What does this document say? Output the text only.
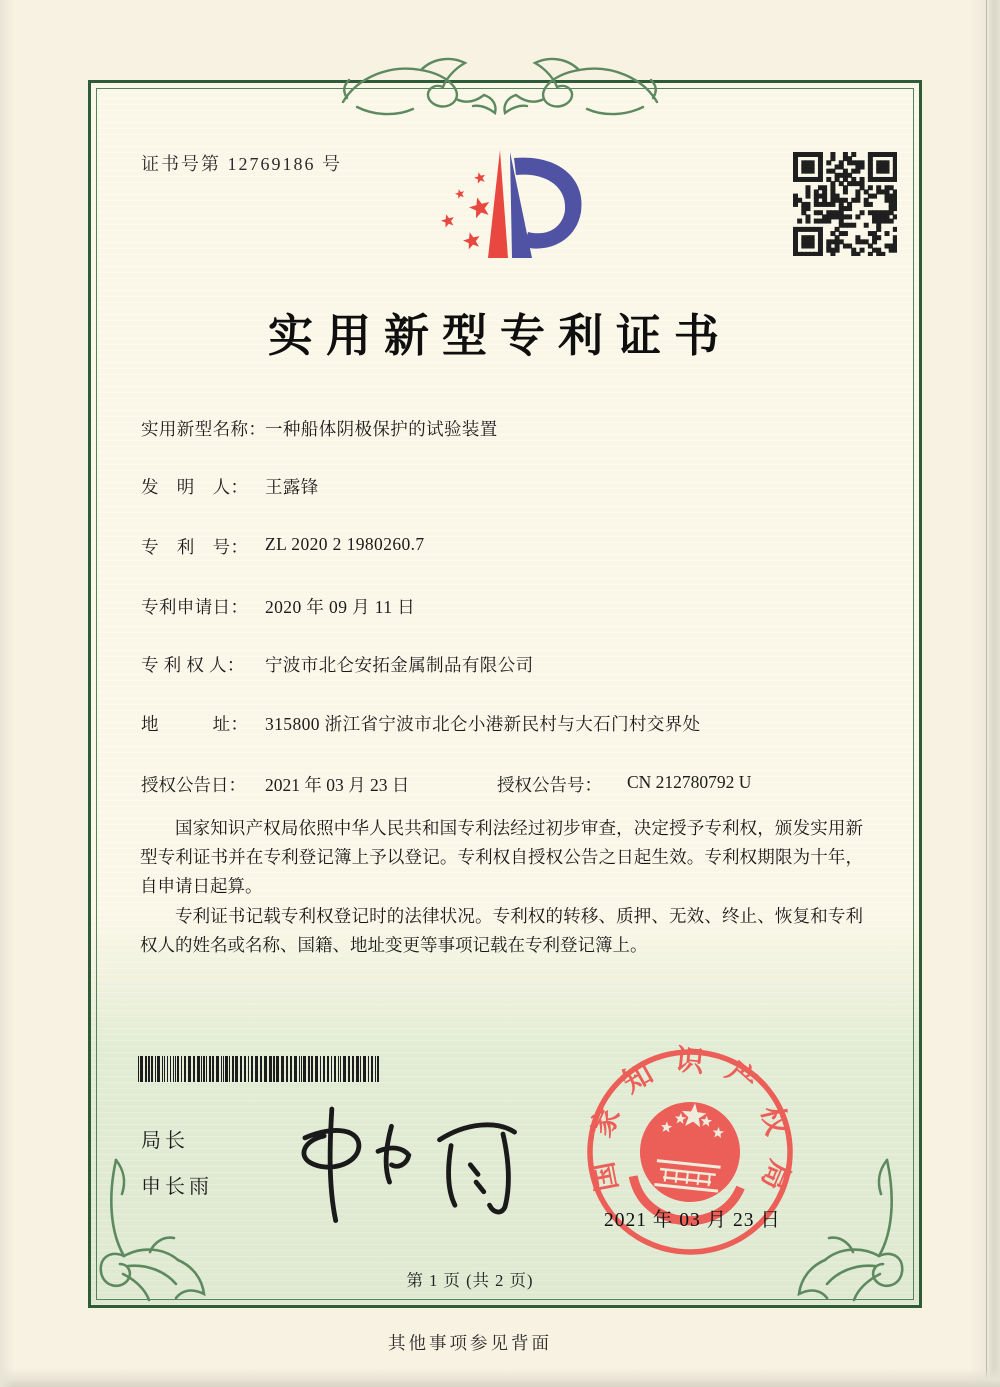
证书号第 12769186 号
实用新型专利证书
实用新型名称：
一种船体阴极保护的试验装置
发　明　人： 王露锋
专　利　号： ZL 2020 2 1980260.7
专利申请日： 2020 年 09 月 11 日
专 利 权 人： 宁波市北仑安拓金属制品有限公司
地　　　址： 315800 浙江省宁波市北仑小港新民村与大石门村交界处
授权公告日： 2021 年 03 月 23 日	授权公告号： CN 212780792 U

国家知识产权局依照中华人民共和国专利法经过初步审查，决定授予专利权，颁发实用新型专利证书并在专利登记簿上予以登记。专利权自授权公告之日起生效。专利权期限为十年，自申请日起算。

专利证书记载专利权登记时的法律状况。专利权的转移、质押、无效、终止、恢复和专利权人的姓名或名称、国籍、地址变更等事项记载在专利登记簿上。

局长
申长雨	国家知识产权局
2021 年 03 月 23 日
第 1 页 (共 2 页)
其他事项参见背面
